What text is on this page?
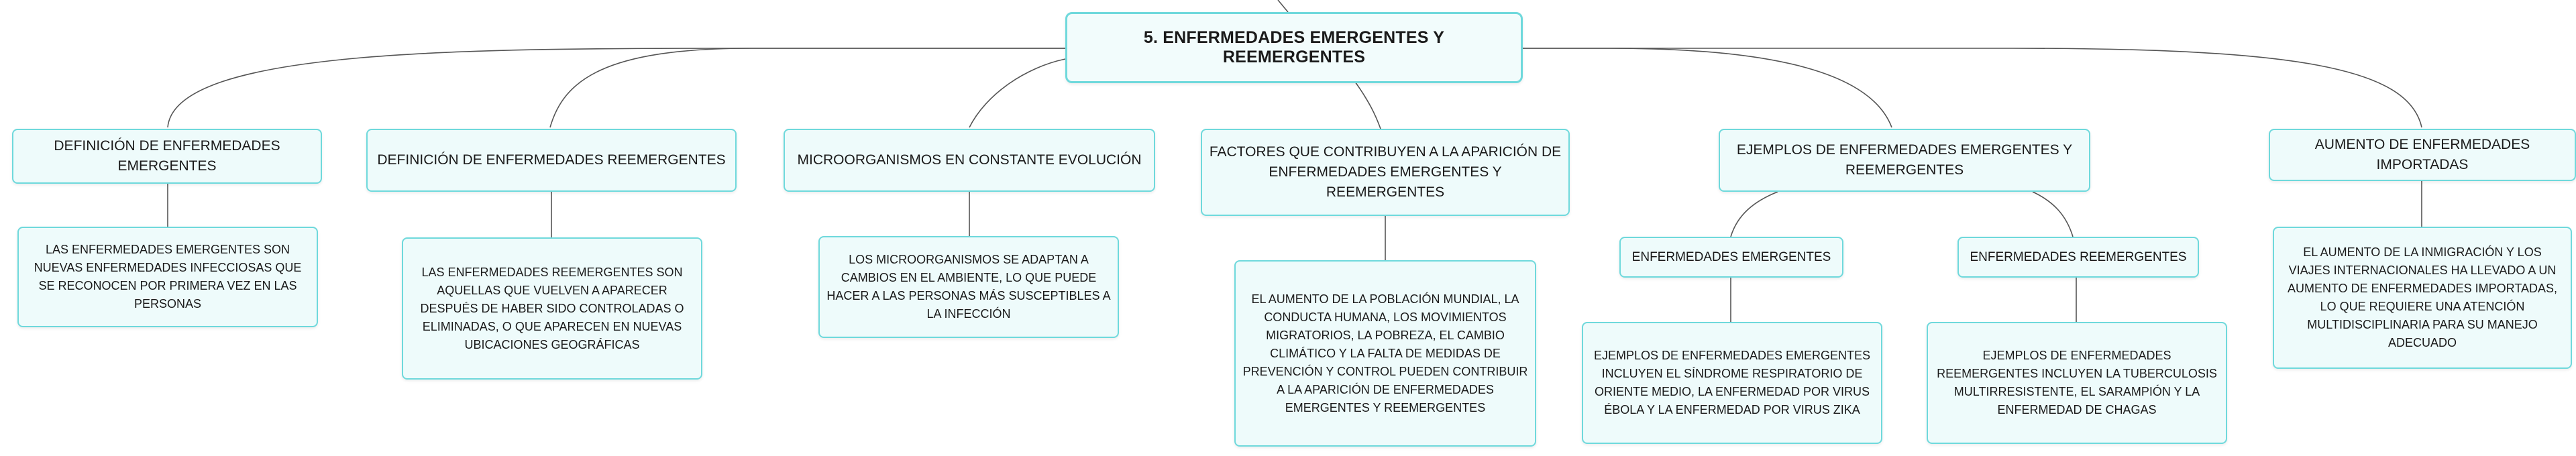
5. ENFERMEDADES EMERGENTES Y REEMERGENTES
DEFINICIÓN DE ENFERMEDADES EMERGENTES
LAS ENFERMEDADES EMERGENTES SON NUEVAS ENFERMEDADES INFECCIOSAS QUE SE RECONOCEN POR PRIMERA VEZ EN LAS PERSONAS
DEFINICIÓN DE ENFERMEDADES REEMERGENTES
LAS ENFERMEDADES REEMERGENTES SON AQUELLAS QUE VUELVEN A APARECER DESPUÉS DE HABER SIDO CONTROLADAS O ELIMINADAS, O QUE APARECEN EN NUEVAS UBICACIONES GEOGRÁFICAS
MICROORGANISMOS EN CONSTANTE EVOLUCIÓN
LOS MICROORGANISMOS SE ADAPTAN A CAMBIOS EN EL AMBIENTE, LO QUE PUEDE HACER A LAS PERSONAS MÁS SUSCEPTIBLES A LA INFECCIÓN
FACTORES QUE CONTRIBUYEN A LA APARICIÓN DE ENFERMEDADES EMERGENTES Y REEMERGENTES
EL AUMENTO DE LA POBLACIÓN MUNDIAL, LA CONDUCTA HUMANA, LOS MOVIMIENTOS MIGRATORIOS, LA POBREZA, EL CAMBIO CLIMÁTICO Y LA FALTA DE MEDIDAS DE PREVENCIÓN Y CONTROL PUEDEN CONTRIBUIR A LA APARICIÓN DE ENFERMEDADES EMERGENTES Y REEMERGENTES
EJEMPLOS DE ENFERMEDADES EMERGENTES Y REEMERGENTES
ENFERMEDADES EMERGENTES
EJEMPLOS DE ENFERMEDADES EMERGENTES INCLUYEN EL SÍNDROME RESPIRATORIO DE ORIENTE MEDIO, LA ENFERMEDAD POR VIRUS ÉBOLA Y LA ENFERMEDAD POR VIRUS ZIKA
ENFERMEDADES REEMERGENTES
EJEMPLOS DE ENFERMEDADES REEMERGENTES INCLUYEN LA TUBERCULOSIS MULTIRRESISTENTE, EL SARAMPIÓN Y LA ENFERMEDAD DE CHAGAS
AUMENTO DE ENFERMEDADES IMPORTADAS
EL AUMENTO DE LA INMIGRACIÓN Y LOS VIAJES INTERNACIONALES HA LLEVADO A UN AUMENTO DE ENFERMEDADES IMPORTADAS, LO QUE REQUIERE UNA ATENCIÓN MULTIDISCIPLINARIA PARA SU MANEJO ADECUADO
